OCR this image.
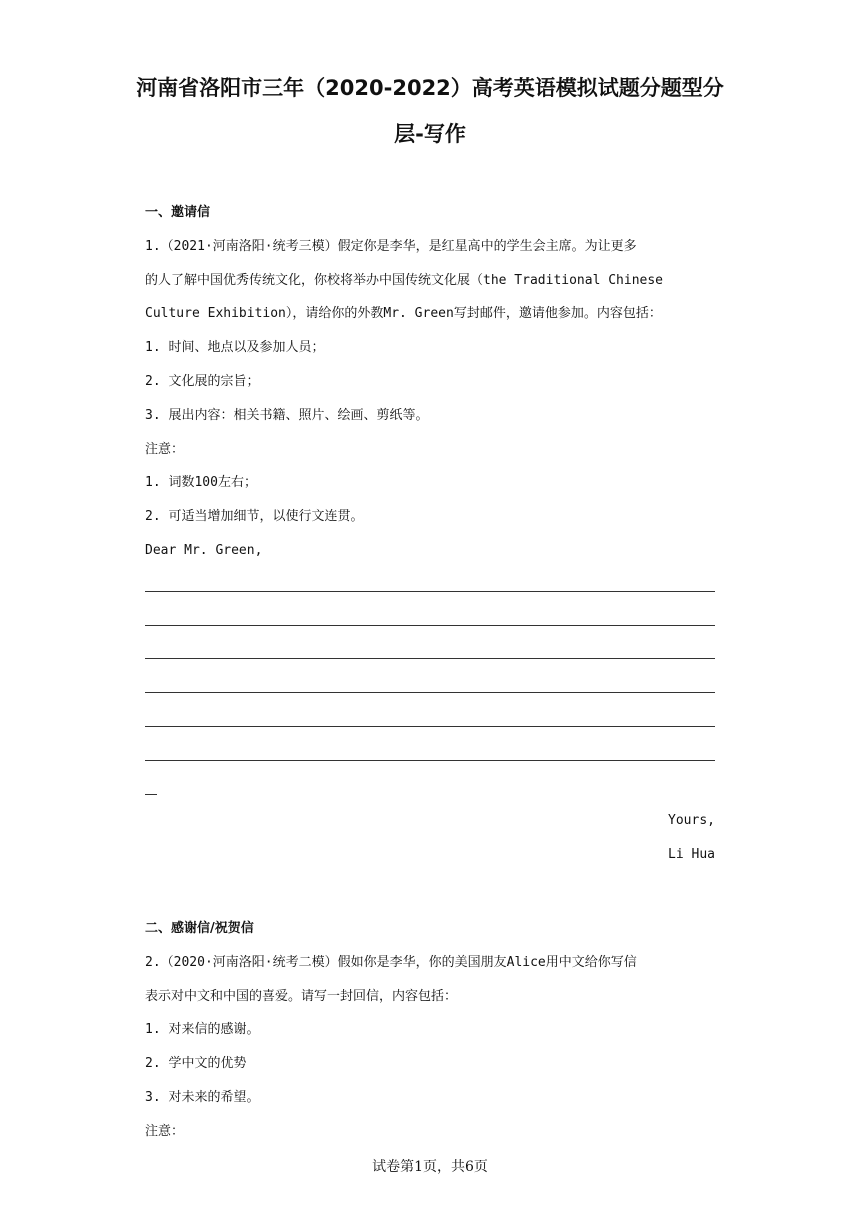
河南省洛阳市三年（2020-2022）高考英语模拟试题分题型分
层-写作
一、邀请信
1.（2021·河南洛阳·统考三模）假定你是李华，是红星高中的学生会主席。为让更多
的人了解中国优秀传统文化，你校将举办中国传统文化展（the Traditional Chinese
Culture Exhibition），请给你的外教Mr. Green写封邮件，邀请他参加。内容包括：
1. 时间、地点以及参加人员；
2. 文化展的宗旨；
3. 展出内容：相关书籍、照片、绘画、剪纸等。
注意：
1. 词数100左右；
2. 可适当增加细节，以使行文连贯。
Dear Mr. Green,
Yours,
Li Hua
二、感谢信/祝贺信
2.（2020·河南洛阳·统考二模）假如你是李华，你的美国朋友Alice用中文给你写信
表示对中文和中国的喜爱。请写一封回信，内容包括：
1. 对来信的感谢。
2. 学中文的优势
3. 对未来的希望。
注意：
试卷第1页，共6页
